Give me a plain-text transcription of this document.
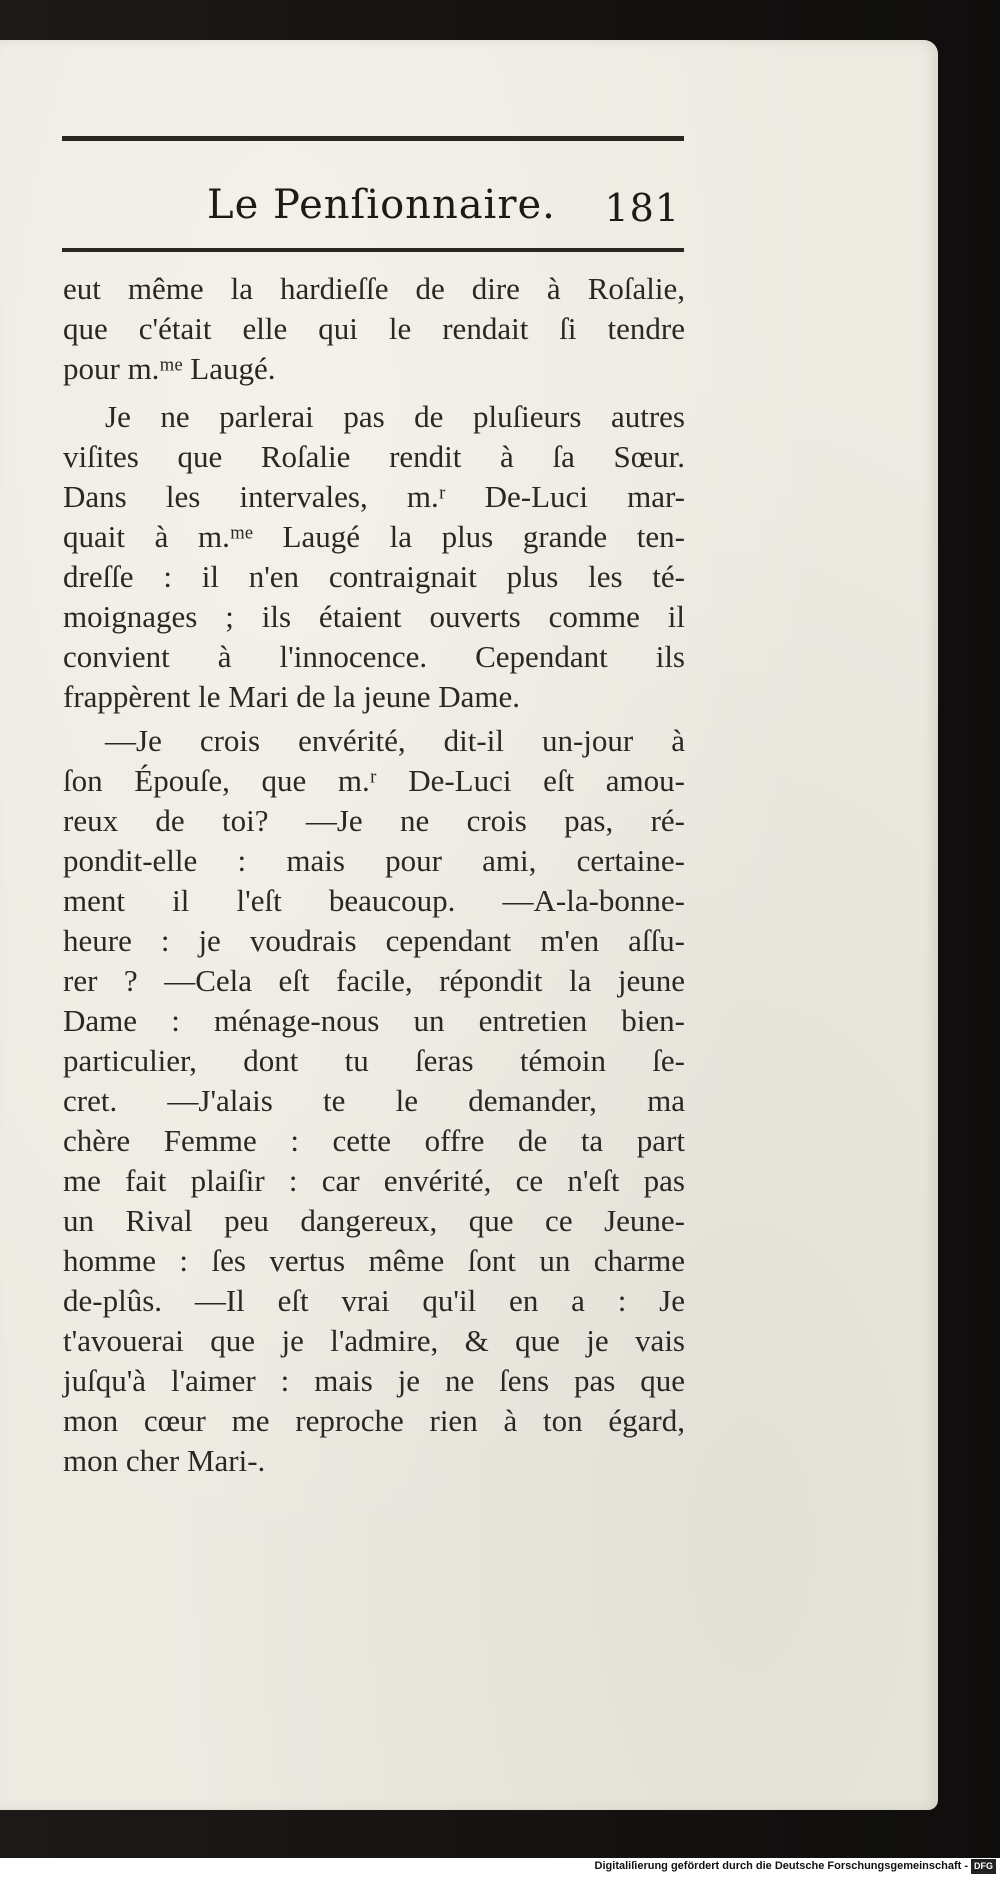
Le Penſionnaire. 181
eut même la hardieſſe de dire à Roſalie,
que c'était elle qui le rendait ſi tendre
pour m.ᵐᵉ Laugé.
Je ne parlerai pas de pluſieurs autres
viſites que Roſalie rendit à ſa Sœur.
Dans les intervales, m.ʳ De-Luci mar-
quait à m.ᵐᵉ Laugé la plus grande ten-
dreſſe : il n'en contraignait plus les té-
moignages ; ils étaient ouverts comme il
convient à l'innocence. Cependant ils
frappèrent le Mari de la jeune Dame.
—Je crois envérité, dit-il un-jour à
ſon Épouſe, que m.ʳ De-Luci eſt amou-
reux de toi? —Je ne crois pas, ré-
pondit-elle : mais pour ami, certaine-
ment il l'eſt beaucoup. —A-la-bonne-
heure : je voudrais cependant m'en aſſu-
rer ? —Cela eſt facile, répondit la jeune
Dame : ménage-nous un entretien bien-
particulier, dont tu ſeras témoin ſe-
cret. —J'alais te le demander, ma
chère Femme : cette offre de ta part
me fait plaiſir : car envérité, ce n'eſt pas
un Rival peu dangereux, que ce Jeune-
homme : ſes vertus même ſont un charme
de-plûs. —Il eſt vrai qu'il en a : Je
t'avouerai que je l'admire, & que je vais
juſqu'à l'aimer : mais je ne ſens pas que
mon cœur me reproche rien à ton égard,
mon cher Mari-.
Digitaliſierung gefördert durch die Deutsche Forschungsgemeinschaft - DFG
